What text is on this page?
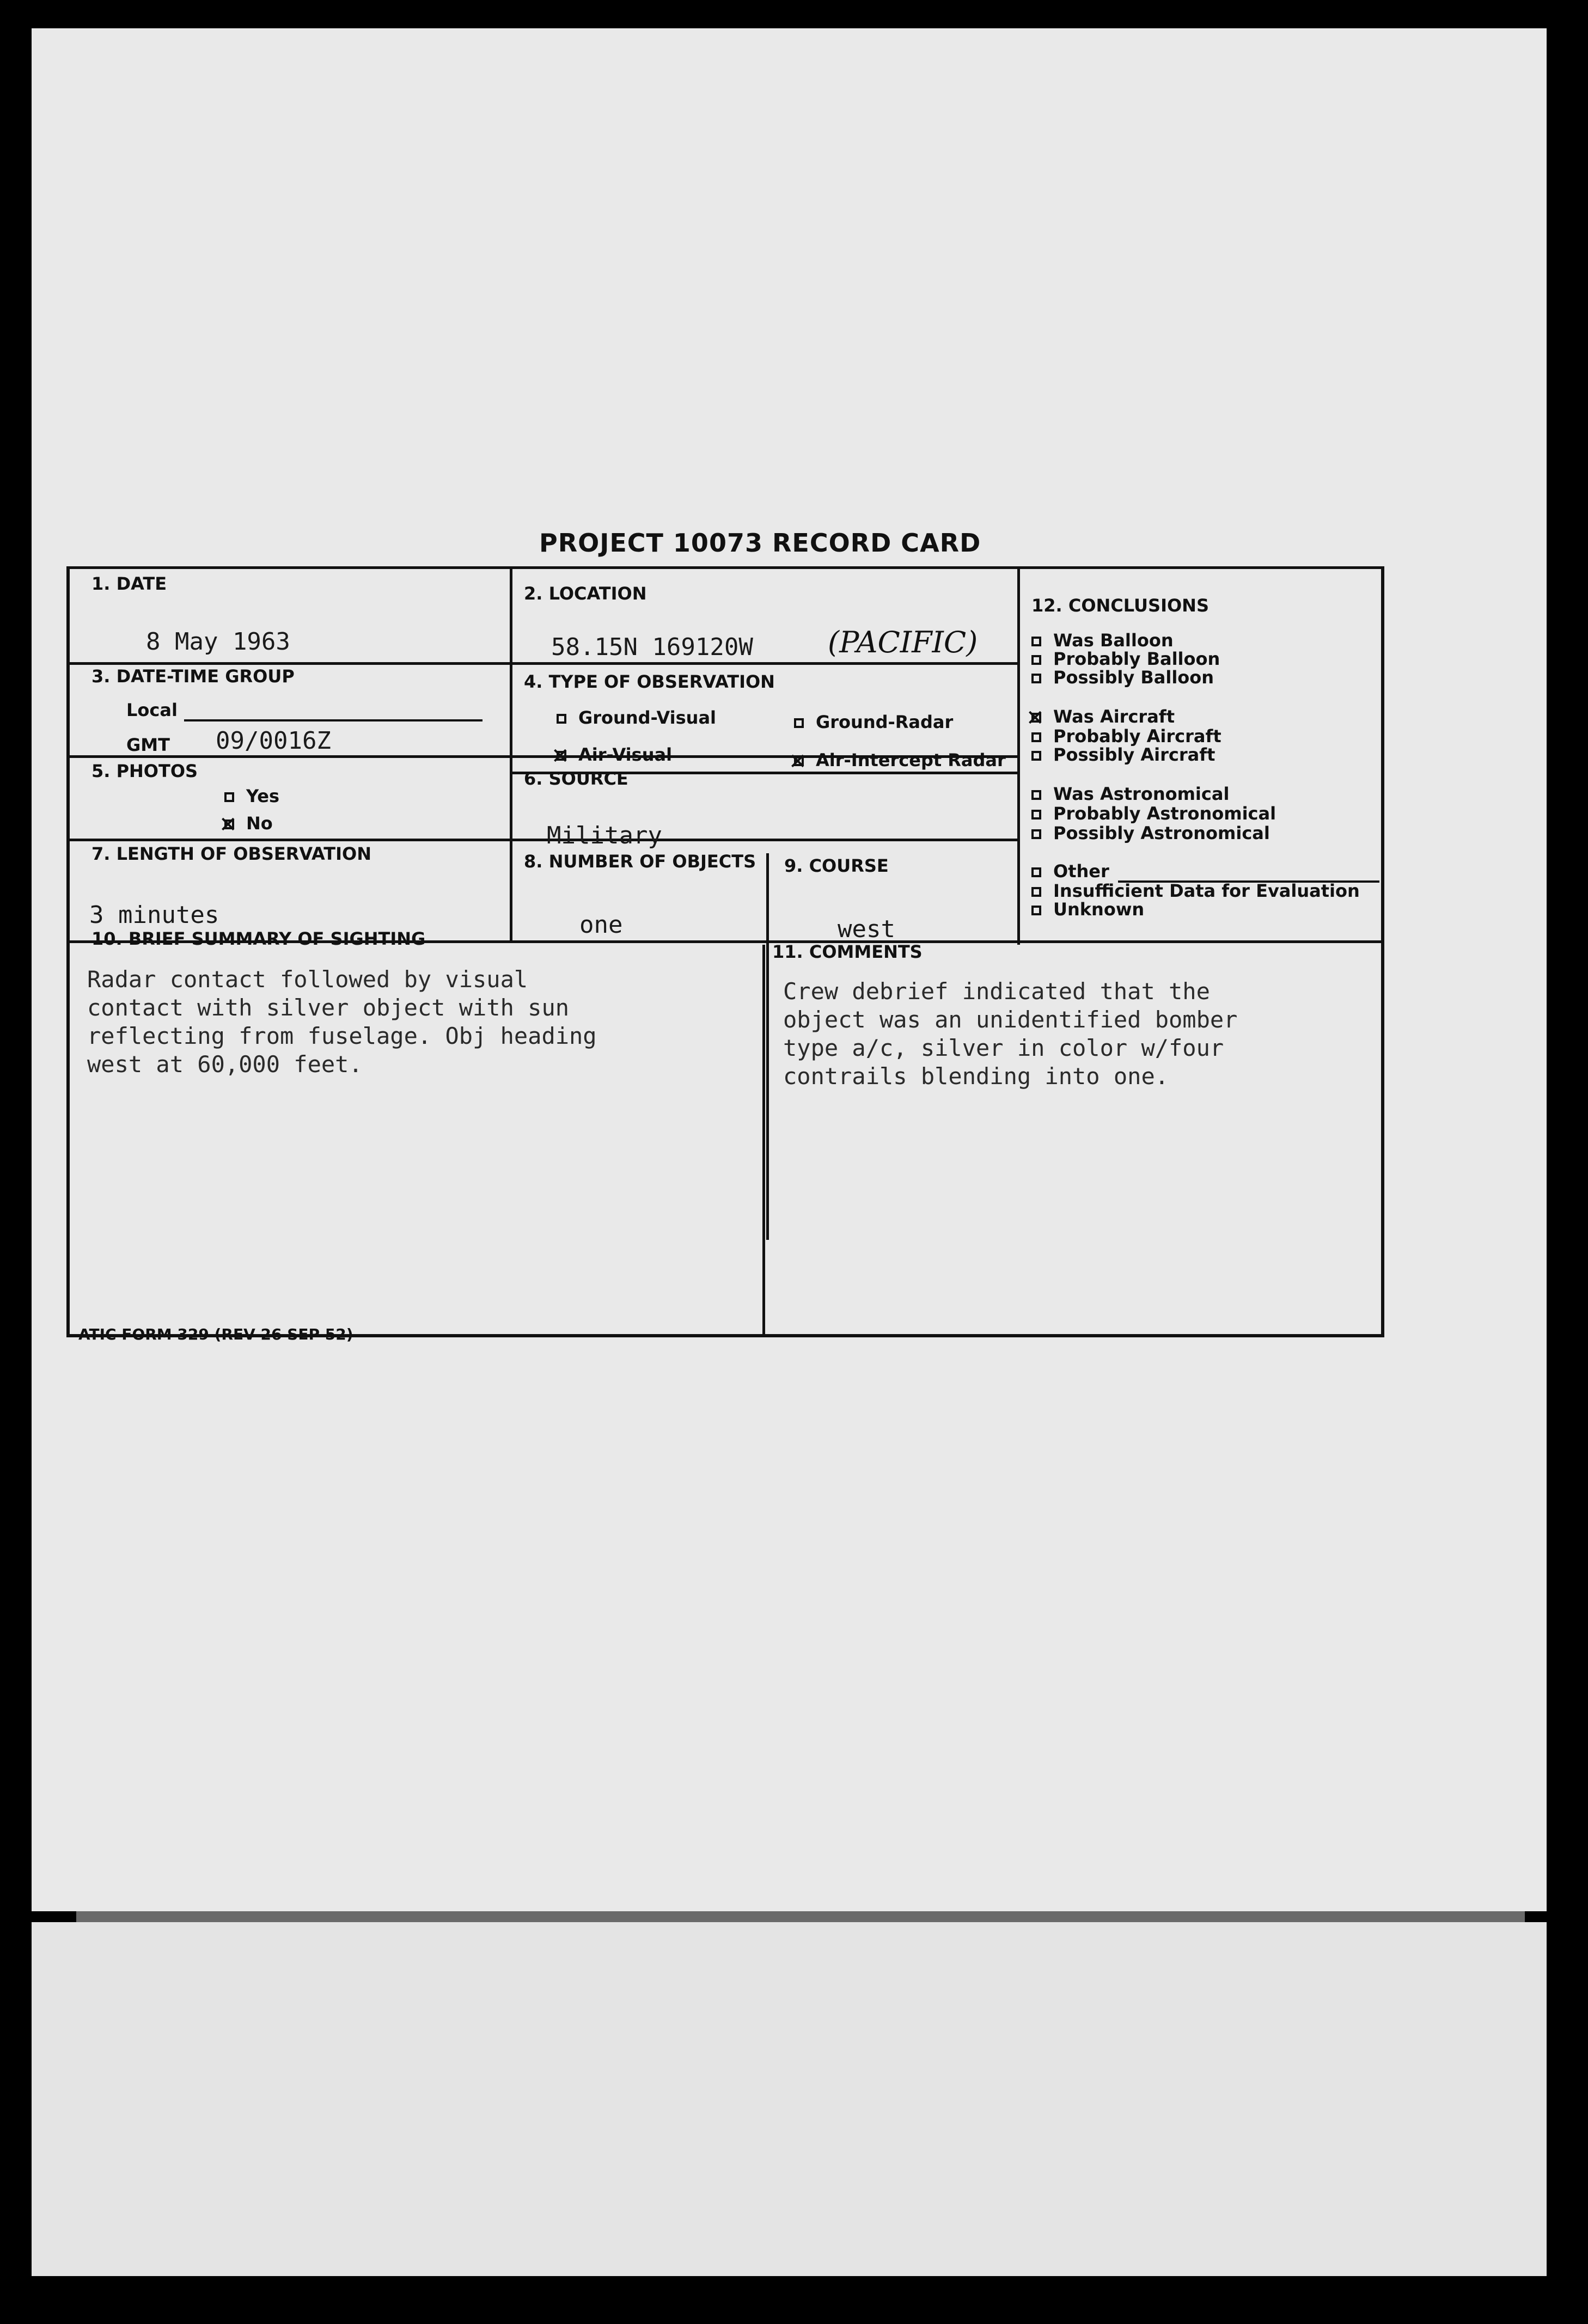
PROJECT 10073 RECORD CARD
1. DATE
8 May 1963
2. LOCATION
58.15N 169120W
3. DATE-TIME GROUP
Local
GMT 09/0016Z
4. TYPE OF OBSERVATION
Ground-Visual	Ground-Radar
✕Air-Visual
✕	Air-Intercept Radar
5. PHOTOS
Yes
✕No
6. SOURCE
Military
7. LENGTH OF OBSERVATION
3 minutes
8. NUMBER OF OBJECTS
one
9. COURSE
west
12. CONCLUSIONS
Was Balloon
Probably Balloon
Possibly Balloon
✕Was Aircraft
Probably Aircraft
Possibly Aircraft
Was Astronomical
Probably Astronomical
Possibly Astronomical
Other
Insufficient Data for Evaluation
Unknown
10. BRIEF SUMMARY OF SIGHTING
Radar contact followed by visual
contact with silver object with sun
reflecting from fuselage. Obj heading
west at 60,000 feet.
11. COMMENTS
Crew debrief indicated that the
object was an unidentified bomber
type a/c, silver in color w/four
contrails blending into one.
(PACIFIC)
ATIC FORM 329 (REV 26 SEP 52)
